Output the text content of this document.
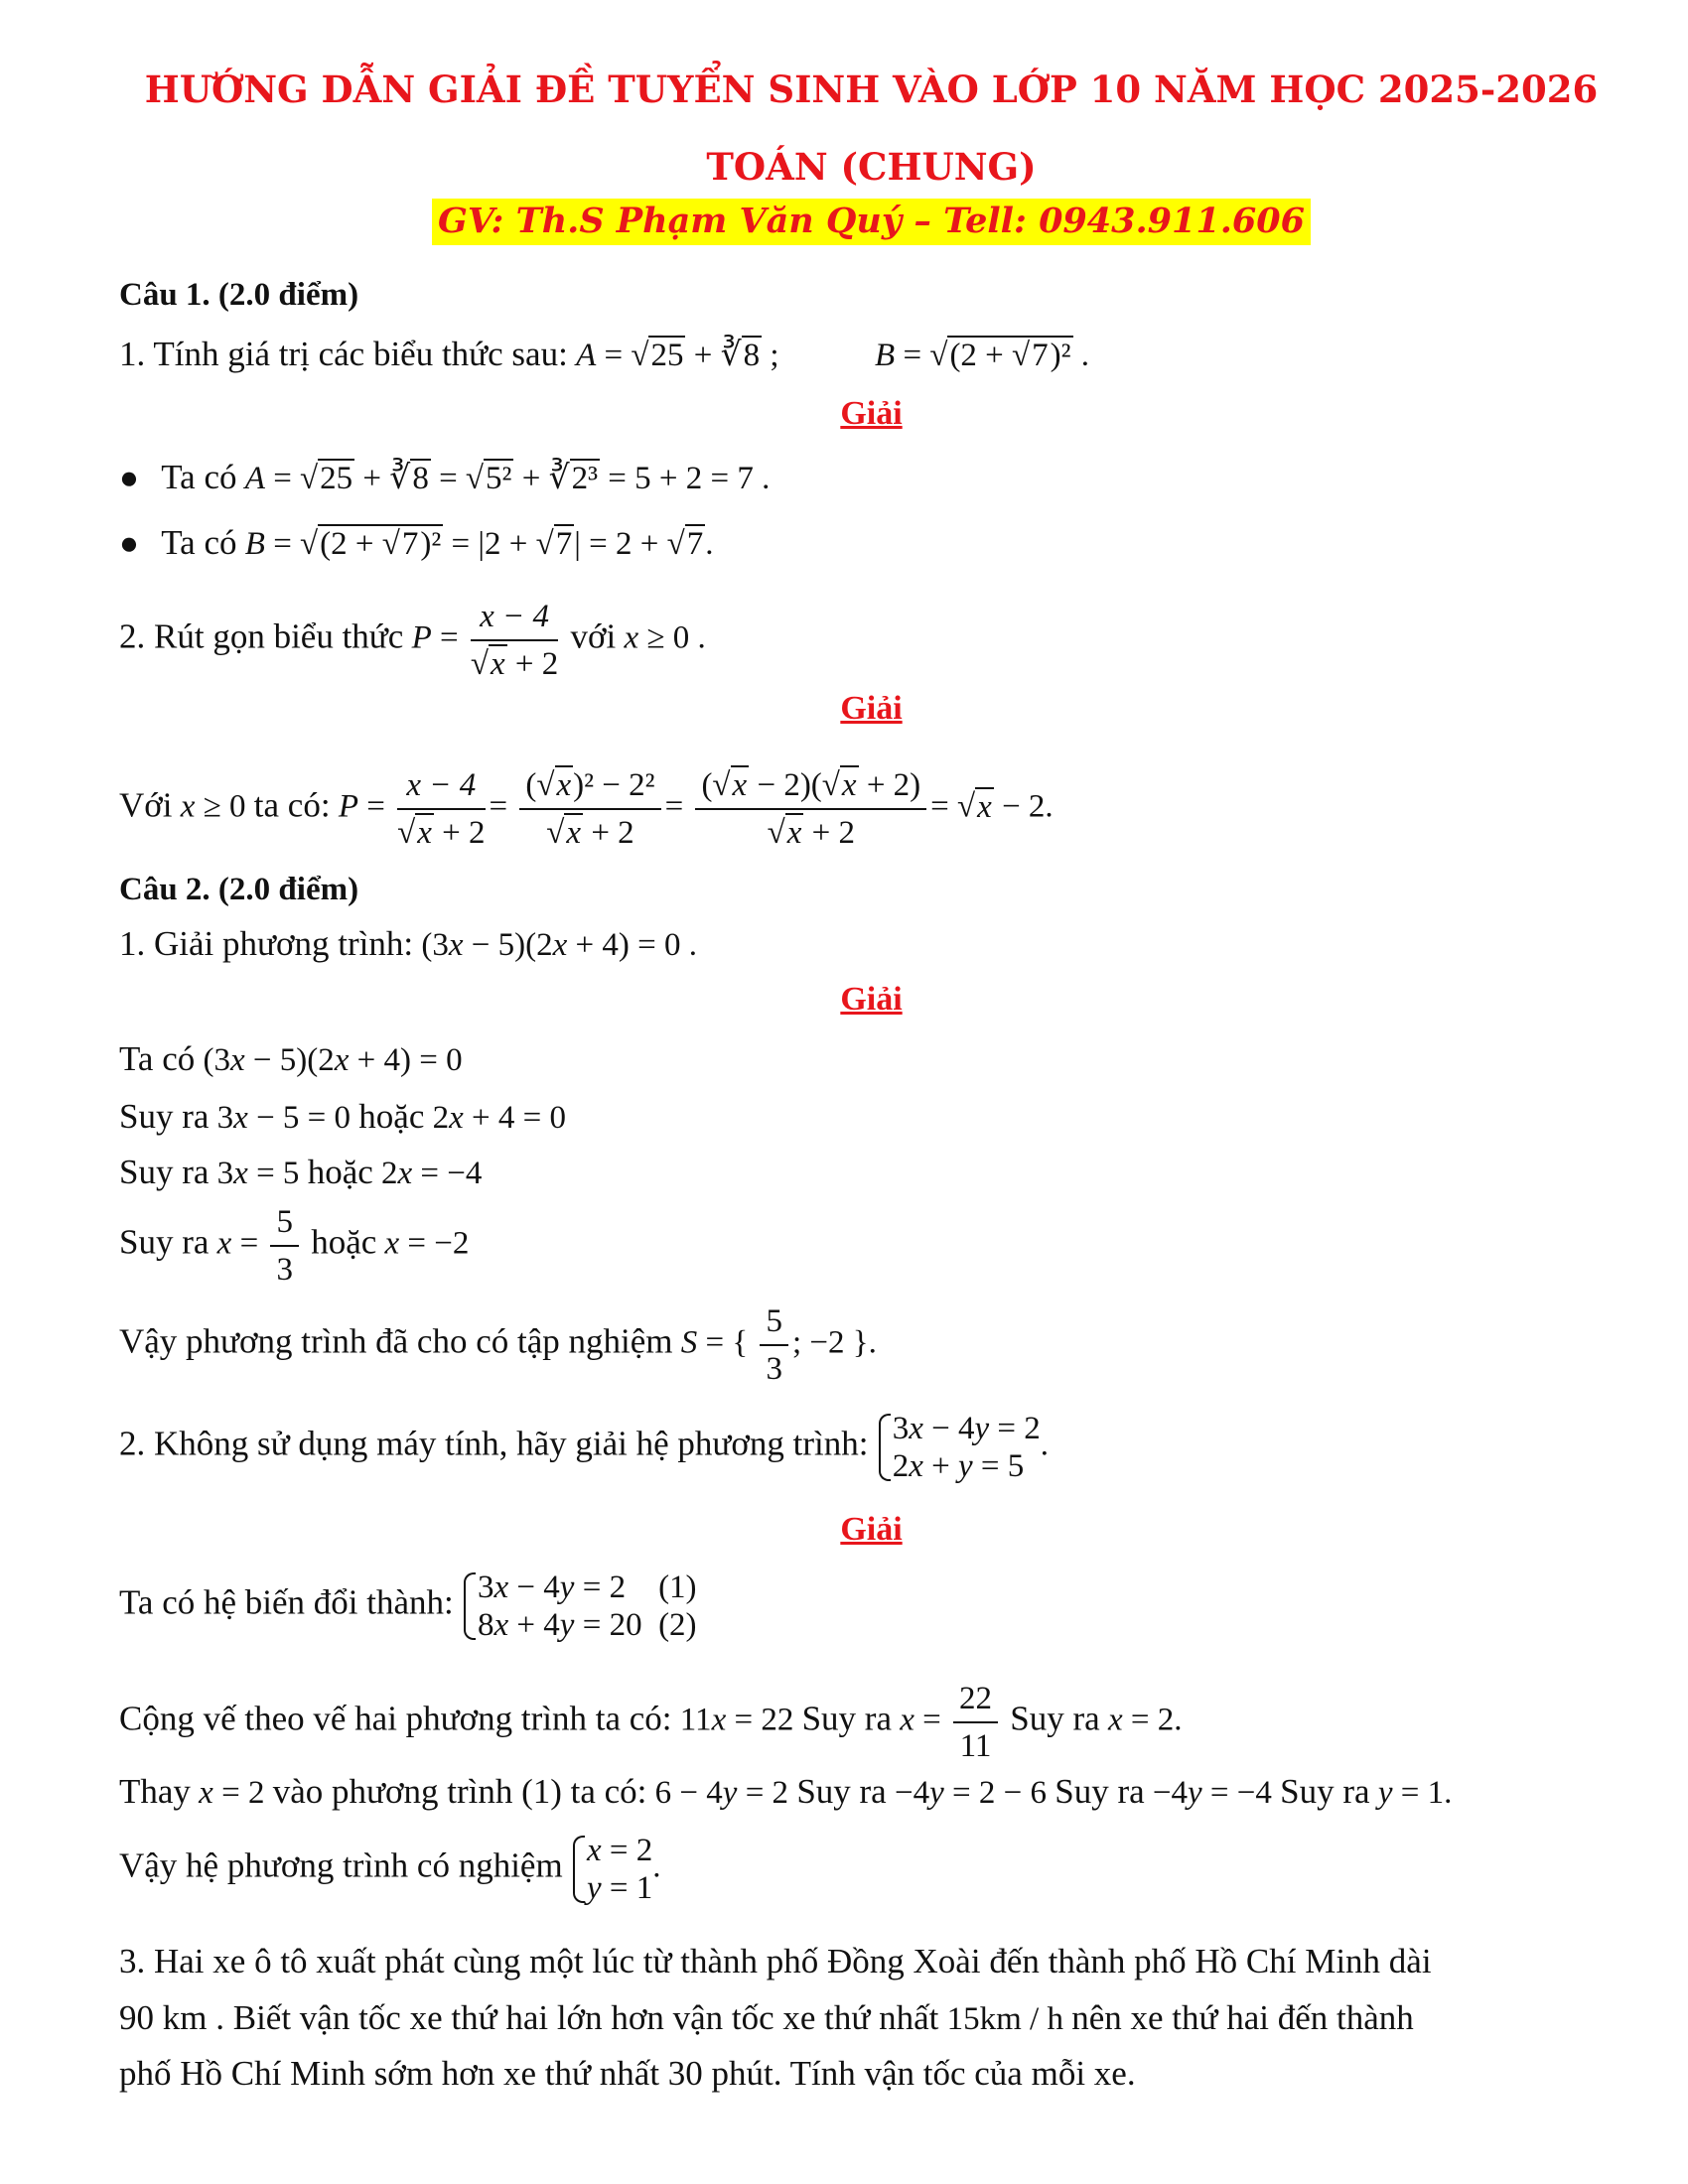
HƯỚNG DẪN GIẢI ĐỀ TUYỂN SINH VÀO LỚP 10 NĂM HỌC 2025-2026
TOÁN (CHUNG)
GV: Th.S Phạm Văn Quý – Tell: 0943.911.606
Câu 1. (2.0 điểm)
1. Tính giá trị các biểu thức sau: A = √25 + ∛8 ;	B = √(2 + √7)² .
Giải
● Ta có A = √25 + ∛8 = √5² + ∛2³ = 5 + 2 = 7 .
● Ta có B = √(2 + √7)² = |2 + √7| = 2 + √7.
2. Rút gọn biểu thức $P = \frac{x - 4}{√x + 2}$ với x ≥ 0 .
Giải
Với x ≥ 0 ta có: $P = \frac{x - 4}{√x + 2} = \frac{\text{(√x)² − 2²}}{√x + 2} = \frac{(√x - 2)(√x + 2)}{√x + 2} = √x - 2$.
Câu 2. (2.0 điểm)
1. Giải phương trình: (3x − 5)(2x + 4) = 0 .
Giải
Ta có (3x − 5)(2x + 4) = 0
Suy ra 3x − 5 = 0 hoặc 2x + 4 = 0
Suy ra 3x = 5 hoặc 2x = −4
Suy ra $x = \frac{5}{3}$ hoặc x = −2
Vậy phương trình đã cho có tập nghiệm S = { $\frac{5}{3}$ ; −2 }.
2. Không sử dụng máy tính, hãy giải hệ phương trình: 3x − 4y = 2
2x + y = 5
.
Giải
Ta có hệ biến đổi thành: 3x − 4y = 2    (1)
8x + 4y = 20  (2)
Cộng vế theo vế hai phương trình ta có: 11x = 22 Suy ra $x = \frac{22}{11}$ Suy ra x = 2.
Thay x = 2 vào phương trình (1) ta có: 6 − 4y = 2 Suy ra −4y = 2 − 6 Suy ra −4y = −4 Suy ra y = 1.
Vậy hệ phương trình có nghiệm x = 2
y = 1
.
3. Hai xe ô tô xuất phát cùng một lúc từ thành phố Đồng Xoài đến thành phố Hồ Chí Minh dài
90 km . Biết vận tốc xe thứ hai lớn hơn vận tốc xe thứ nhất 15km / h nên xe thứ hai đến thành
phố Hồ Chí Minh sớm hơn xe thứ nhất 30 phút. Tính vận tốc của mỗi xe.
